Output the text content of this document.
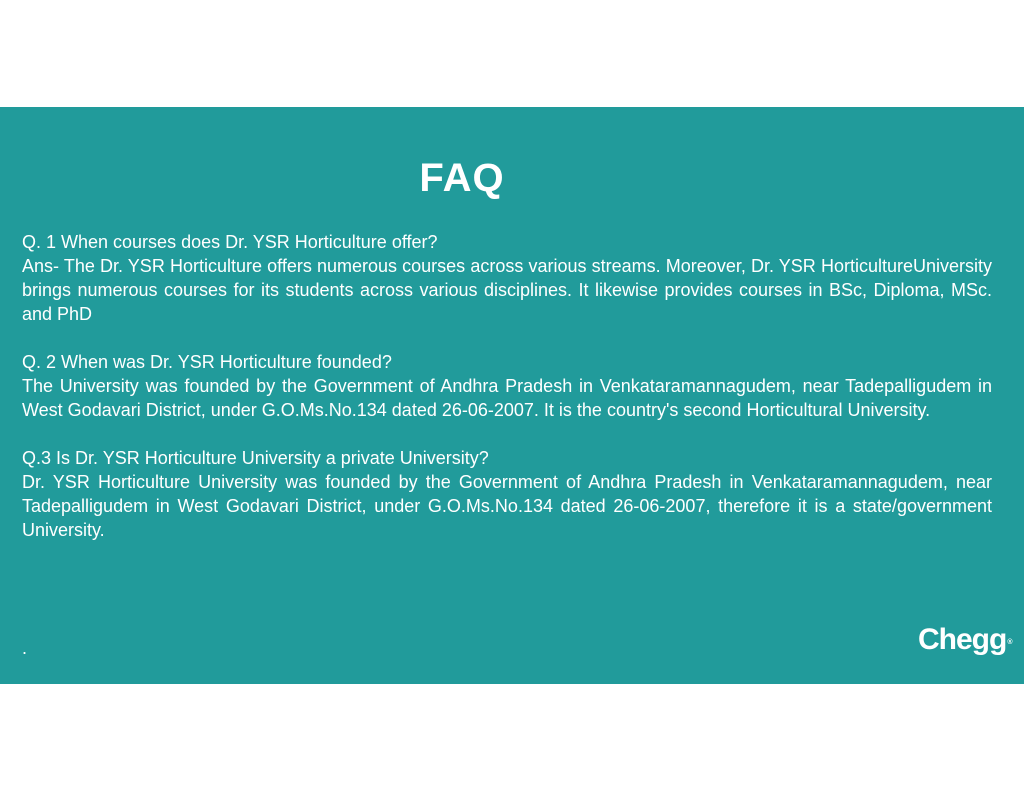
FAQ

Q. 1 When courses does Dr. YSR Horticulture offer?

Ans- The Dr. YSR Horticulture offers numerous courses across various streams. Moreover, Dr. YSR HorticultureUniversity brings numerous courses for its students across various disciplines. It likewise provides courses in BSc, Diploma, MSc. and PhD

Q. 2 When was Dr. YSR Horticulture founded?

The University was founded by the Government of Andhra Pradesh in Venkataramannagudem, near Tadepalligudem in West Godavari District, under G.O.Ms.No.134 dated 26-06-2007. It is the country's second Horticultural University.

Q.3 Is Dr. YSR Horticulture University a private University?

Dr. YSR Horticulture University was founded by the Government of Andhra Pradesh in Venkataramannagudem, near Tadepalligudem in West Godavari District, under G.O.Ms.No.134 dated 26-06-2007, therefore it is a state/government University.

.	Chegg®
